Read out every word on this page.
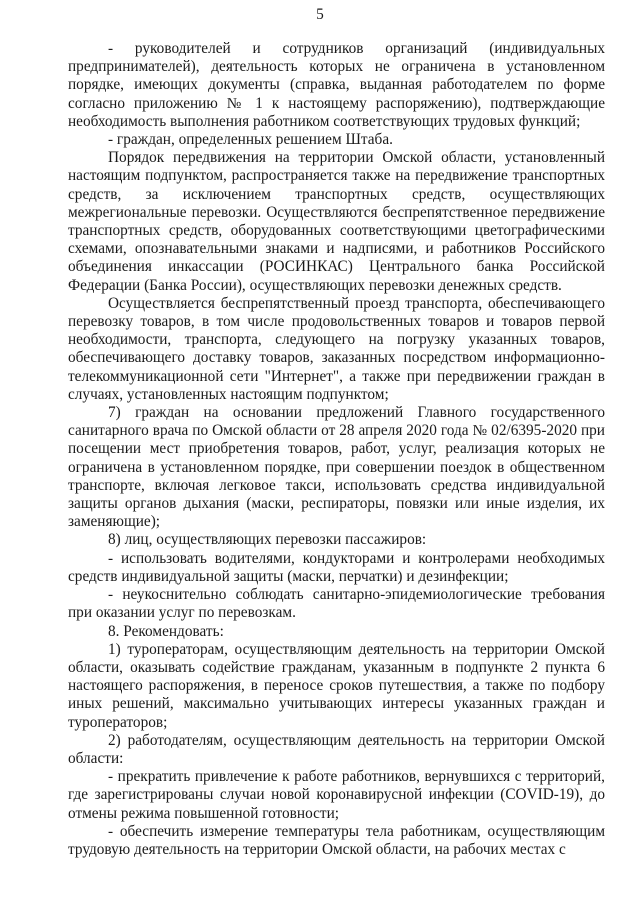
5

- руководителей и сотрудников организаций (индивидуальных предпринимателей), деятельность которых не ограничена в установленном порядке, имеющих документы (справка, выданная работодателем по форме согласно приложению № 1 к настоящему распоряжению), подтверждающие необходимость выполнения работником соответствующих трудовых функций;

- граждан, определенных решением Штаба.

Порядок передвижения на территории Омской области, установленный настоящим подпунктом, распространяется также на передвижение транспортных средств, за исключением транспортных средств, осуществляющих межрегиональные перевозки. Осуществляются беспрепятственное передвижение транспортных средств, оборудованных соответствующими цветографическими схемами, опознавательными знаками и надписями, и работников Российского объединения инкассации (РОСИНКАС) Центрального банка Российской Федерации (Банка России), осуществляющих перевозки денежных средств.

Осуществляется беспрепятственный проезд транспорта, обеспечивающего перевозку товаров, в том числе продовольственных товаров и товаров первой необходимости, транспорта, следующего на погрузку указанных товаров, обеспечивающего доставку товаров, заказанных посредством информационно-телекоммуникационной сети "Интернет", а также при передвижении граждан в случаях, установленных настоящим подпунктом;

7) граждан на основании предложений Главного государственного санитарного врача по Омской области от 28 апреля 2020 года № 02/6395-2020 при посещении мест приобретения товаров, работ, услуг, реализация которых не ограничена в установленном порядке, при совершении поездок в общественном транспорте, включая легковое такси, использовать средства индивидуальной защиты органов дыхания (маски, респираторы, повязки или иные изделия, их заменяющие);

8) лиц, осуществляющих перевозки пассажиров:

- использовать водителями, кондукторами и контролерами необходимых средств индивидуальной защиты (маски, перчатки) и дезинфекции;

- неукоснительно соблюдать санитарно-эпидемиологические требования при оказании услуг по перевозкам.

8. Рекомендовать:

1) туроператорам, осуществляющим деятельность на территории Омской области, оказывать содействие гражданам, указанным в подпункте 2 пункта 6 настоящего распоряжения, в переносе сроков путешествия, а также по подбору иных решений, максимально учитывающих интересы указанных граждан и туроператоров;

2) работодателям, осуществляющим деятельность на территории Омской области:

- прекратить привлечение к работе работников, вернувшихся с территорий, где зарегистрированы случаи новой коронавирусной инфекции (COVID-19), до отмены режима повышенной готовности;

- обеспечить измерение температуры тела работникам, осуществляющим трудовую деятельность на территории Омской области, на рабочих местах с
